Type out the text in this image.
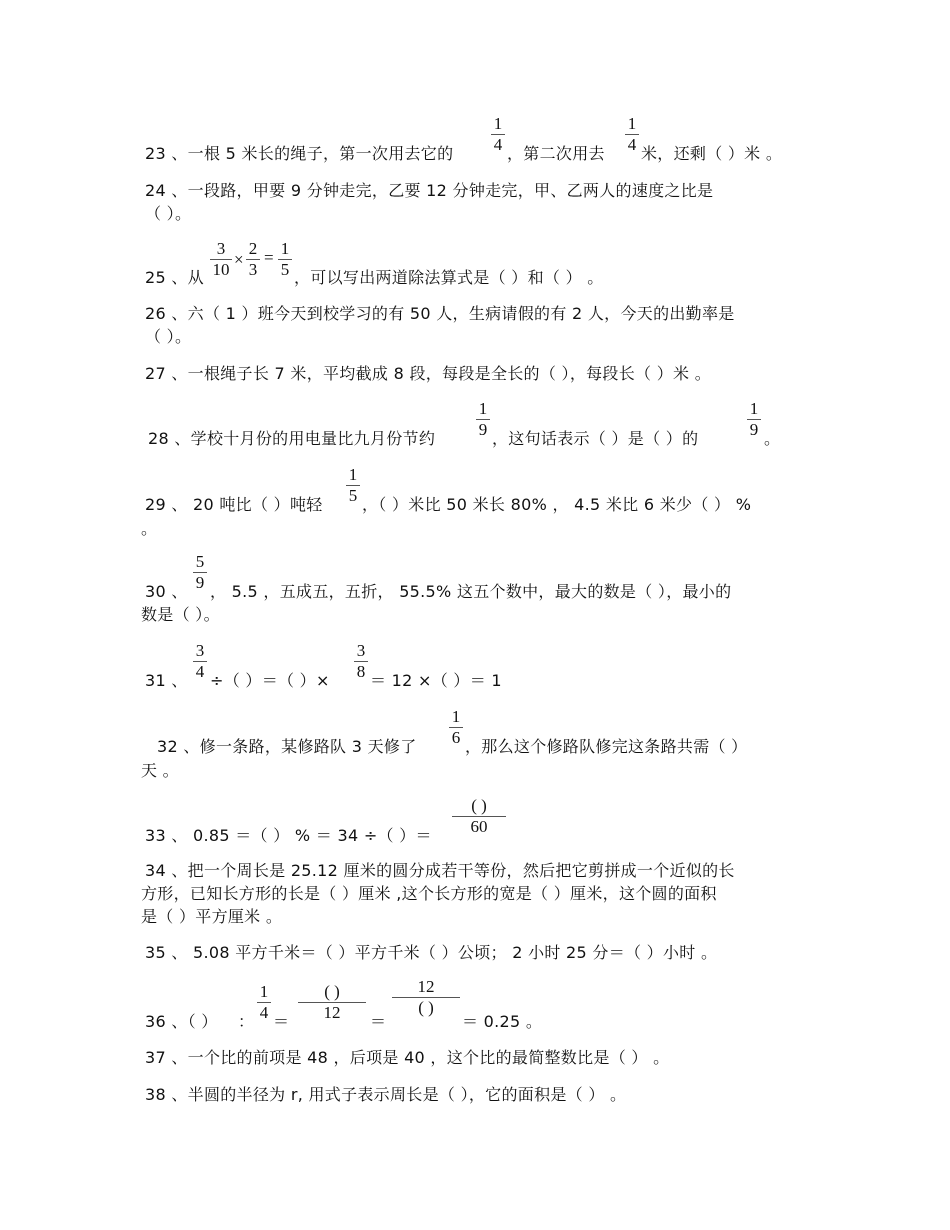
23 、一根 5 米长的绳子，第一次用去它的
1
4 ，第二次用去
1
4 米，还剩（ ）米 。
24 、一段路，甲要 9 分钟走完，乙要 12 分钟走完，甲、乙两人的速度之比是
（ ）。
25 、从
3
10
×
2
3
= 1
5 ，可以写出两道除法算式是（ ）和（ ） 。
26 、六（ 1 ）班今天到校学习的有 50 人，生病请假的有 2 人，今天的出勤率是
（ ）。
27 、一根绳子长 7 米，平均截成 8 段，每段是全长的（ ），每段长（ ）米 。
28 、学校十月份的用电量比九月份节约
1
9 ，这句话表示（ ）是（ ）的
1
9 。
29 、 20 吨比（ ）吨轻
1
5 ，（ ）米比 50 米长 80% ， 4.5 米比 6 米少（ ） %
。
30 、
5
9 ， 5.5 ，五成五，五折， 55.5% 这五个数中，最大的数是（ ），最小的
数是（ ）。
31 、
3
4 ÷（ ）＝（ ）×
3
8 ＝ 12 ×（ ）＝ 1
32 、修一条路，某修路队 3 天修了
1
6 ，那么这个修路队修完这条路共需（ ）
天 。
33 、 0.85 ＝（ ） % ＝ 34 ÷（ ）＝
( )
60
34 、把一个周长是 25.12 厘米的圆分成若干等份，然后把它剪拼成一个近似的长
方形，已知长方形的长是（ ）厘米 ,这个长方形的宽是（ ）厘米，这个圆的面积
是（ ）平方厘米 。
35 、 5.08 平方千米＝（ ）平方千米（ ）公顷； 2 小时 25 分＝（ ）小时 。
36 、（ ） ：
1
4 ＝
( )
12	＝
12
( )
＝ 0.25 。
37 、一个比的前项是 48 ，后项是 40 ，这个比的最简整数比是（ ） 。
38 、半圆的半径为 r, 用式子表示周长是（ ），它的面积是（ ） 。
